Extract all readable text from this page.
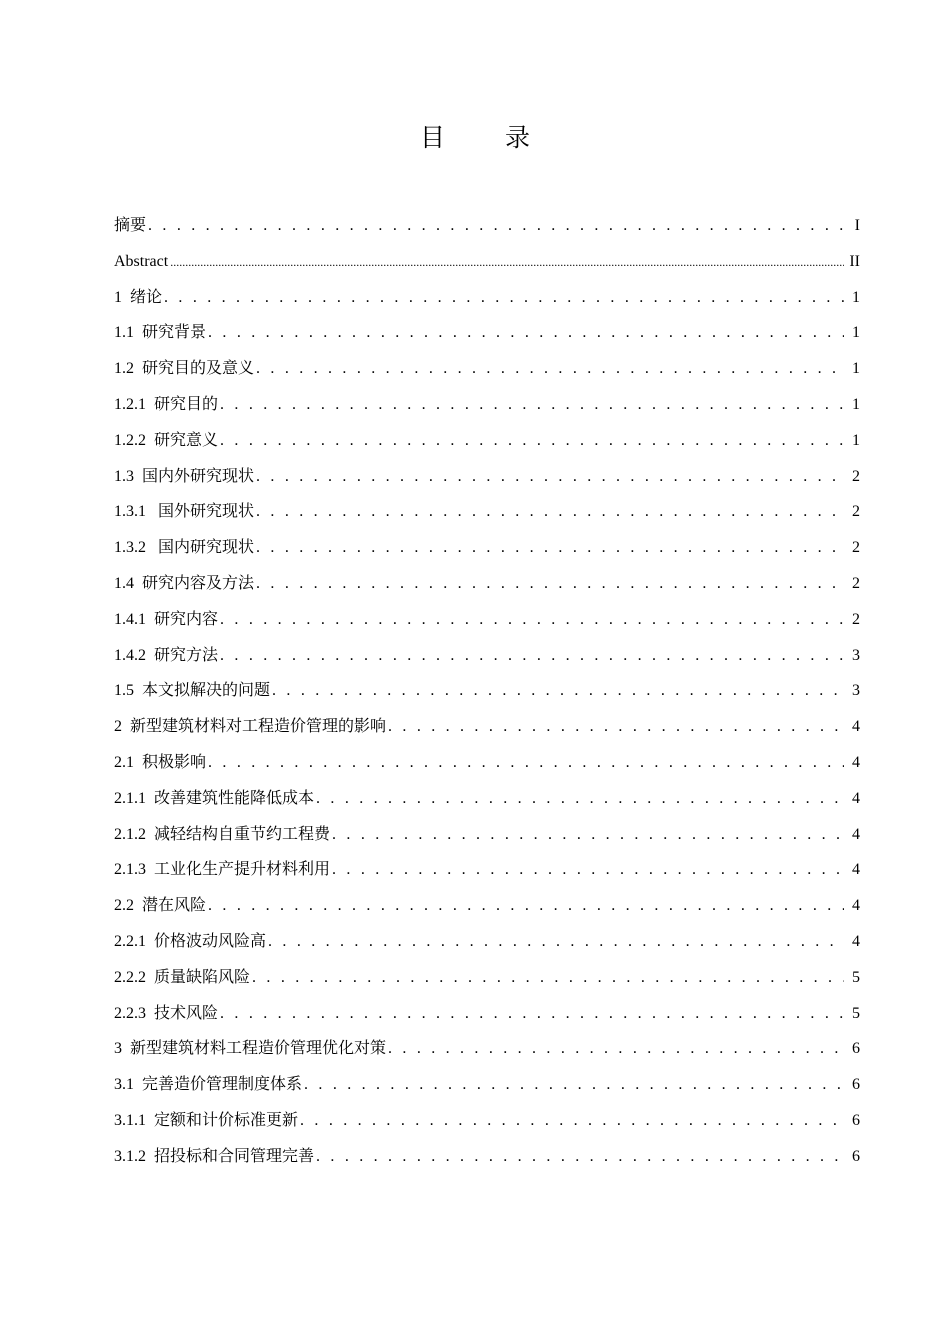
目 录
摘要 . . .	I
Abstract .....	II
1 绪论 . . .	1
1.1 研究背景 . . .	1
1.2 研究目的及意义 . . .	1
1.2.1 研究目的 . . .	1
1.2.2 研究意义 . . .	1
1.3 国内外研究现状 . . .	2
1.3.1 国外研究现状 . . .	2
1.3.2 国内研究现状 . . .	2
1.4 研究内容及方法 . . .	2
1.4.1 研究内容 . . .	2
1.4.2 研究方法 . . .	3
1.5 本文拟解决的问题 . . .	3
2 新型建筑材料对工程造价管理的影响 . . .	4
2.1 积极影响 . . .	4
2.1.1 改善建筑性能降低成本 . . .	4
2.1.2 减轻结构自重节约工程费 . . .	4
2.1.3 工业化生产提升材料利用 . . .	4
2.2 潜在风险 . . .	4
2.2.1 价格波动风险高 . . .	4
2.2.2 质量缺陷风险 . . .	5
2.2.3 技术风险 . . .	5
3 新型建筑材料工程造价管理优化对策 . . .	6
3.1 完善造价管理制度体系 . . .	6
3.1.1 定额和计价标准更新 . . .	6
3.1.2 招投标和合同管理完善 . . .	6
